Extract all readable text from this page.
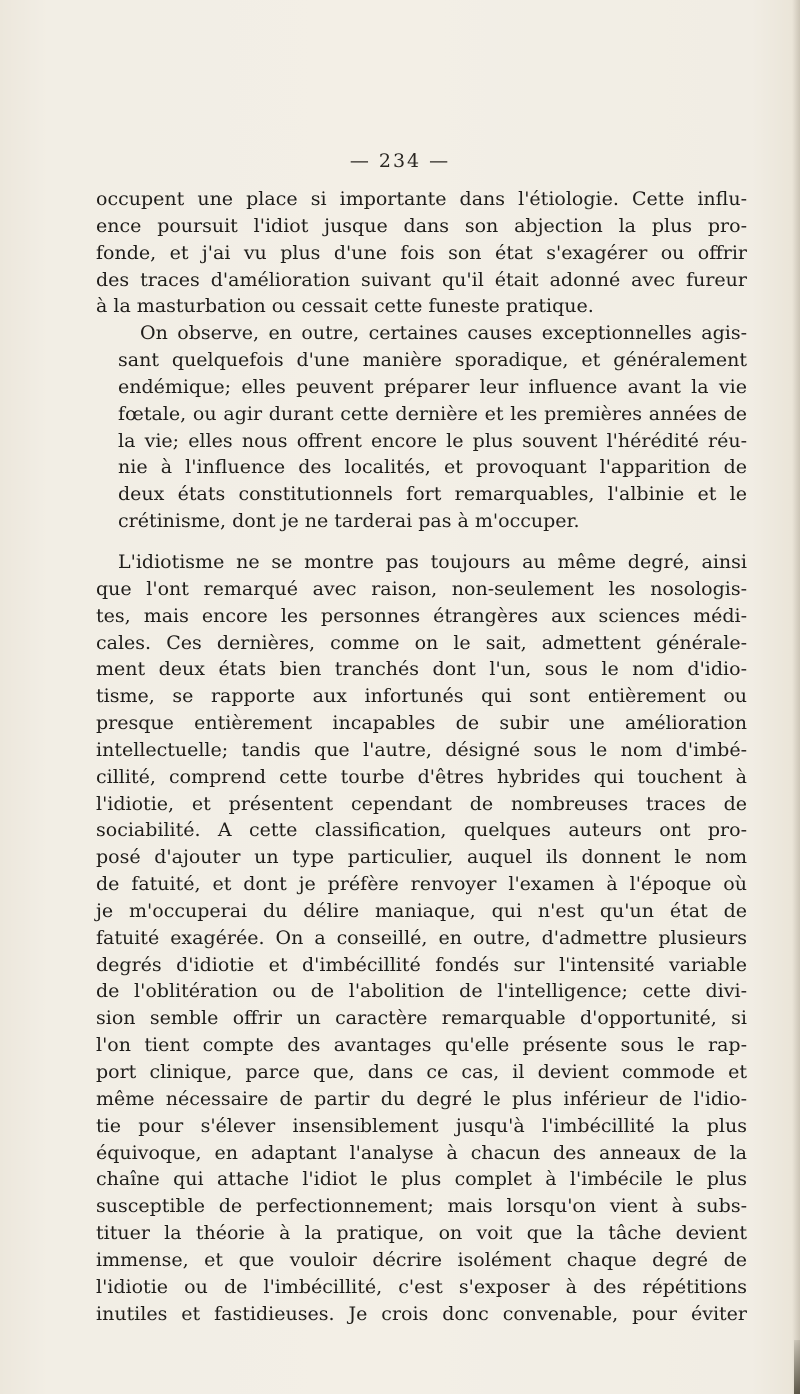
— 234 —

occupent une place si importante dans l'étiologie. Cette influ-
ence poursuit l'idiot jusque dans son abjection la plus pro-
fonde, et j'ai vu plus d'une fois son état s'exagérer ou offrir
des traces d'amélioration suivant qu'il était adonné avec fureur
à la masturbation ou cessait cette funeste pratique.

On observe, en outre, certaines causes exceptionnelles agis-
sant quelquefois d'une manière sporadique, et généralement
endémique; elles peuvent préparer leur influence avant la vie
fœtale, ou agir durant cette dernière et les premières années de
la vie; elles nous offrent encore le plus souvent l'hérédité réu-
nie à l'influence des localités, et provoquant l'apparition de
deux états constitutionnels fort remarquables, l'albinie et le
crétinisme, dont je ne tarderai pas à m'occuper.

L'idiotisme ne se montre pas toujours au même degré, ainsi
que l'ont remarqué avec raison, non-seulement les nosologis-
tes, mais encore les personnes étrangères aux sciences médi-
cales. Ces dernières, comme on le sait, admettent générale-
ment deux états bien tranchés dont l'un, sous le nom d'idio-
tisme, se rapporte aux infortunés qui sont entièrement ou
presque entièrement incapables de subir une amélioration
intellectuelle; tandis que l'autre, désigné sous le nom d'imbé-
cillité, comprend cette tourbe d'êtres hybrides qui touchent à
l'idiotie, et présentent cependant de nombreuses traces de
sociabilité. A cette classification, quelques auteurs ont pro-
posé d'ajouter un type particulier, auquel ils donnent le nom
de fatuité, et dont je préfère renvoyer l'examen à l'époque où
je m'occuperai du délire maniaque, qui n'est qu'un état de
fatuité exagérée. On a conseillé, en outre, d'admettre plusieurs
degrés d'idiotie et d'imbécillité fondés sur l'intensité variable
de l'oblitération ou de l'abolition de l'intelligence; cette divi-
sion semble offrir un caractère remarquable d'opportunité, si
l'on tient compte des avantages qu'elle présente sous le rap-
port clinique, parce que, dans ce cas, il devient commode et
même nécessaire de partir du degré le plus inférieur de l'idio-
tie pour s'élever insensiblement jusqu'à l'imbécillité la plus
équivoque, en adaptant l'analyse à chacun des anneaux de la
chaîne qui attache l'idiot le plus complet à l'imbécile le plus
susceptible de perfectionnement; mais lorsqu'on vient à subs-
tituer la théorie à la pratique, on voit que la tâche devient
immense, et que vouloir décrire isolément chaque degré de
l'idiotie ou de l'imbécillité, c'est s'exposer à des répétitions
inutiles et fastidieuses. Je crois donc convenable, pour éviter
